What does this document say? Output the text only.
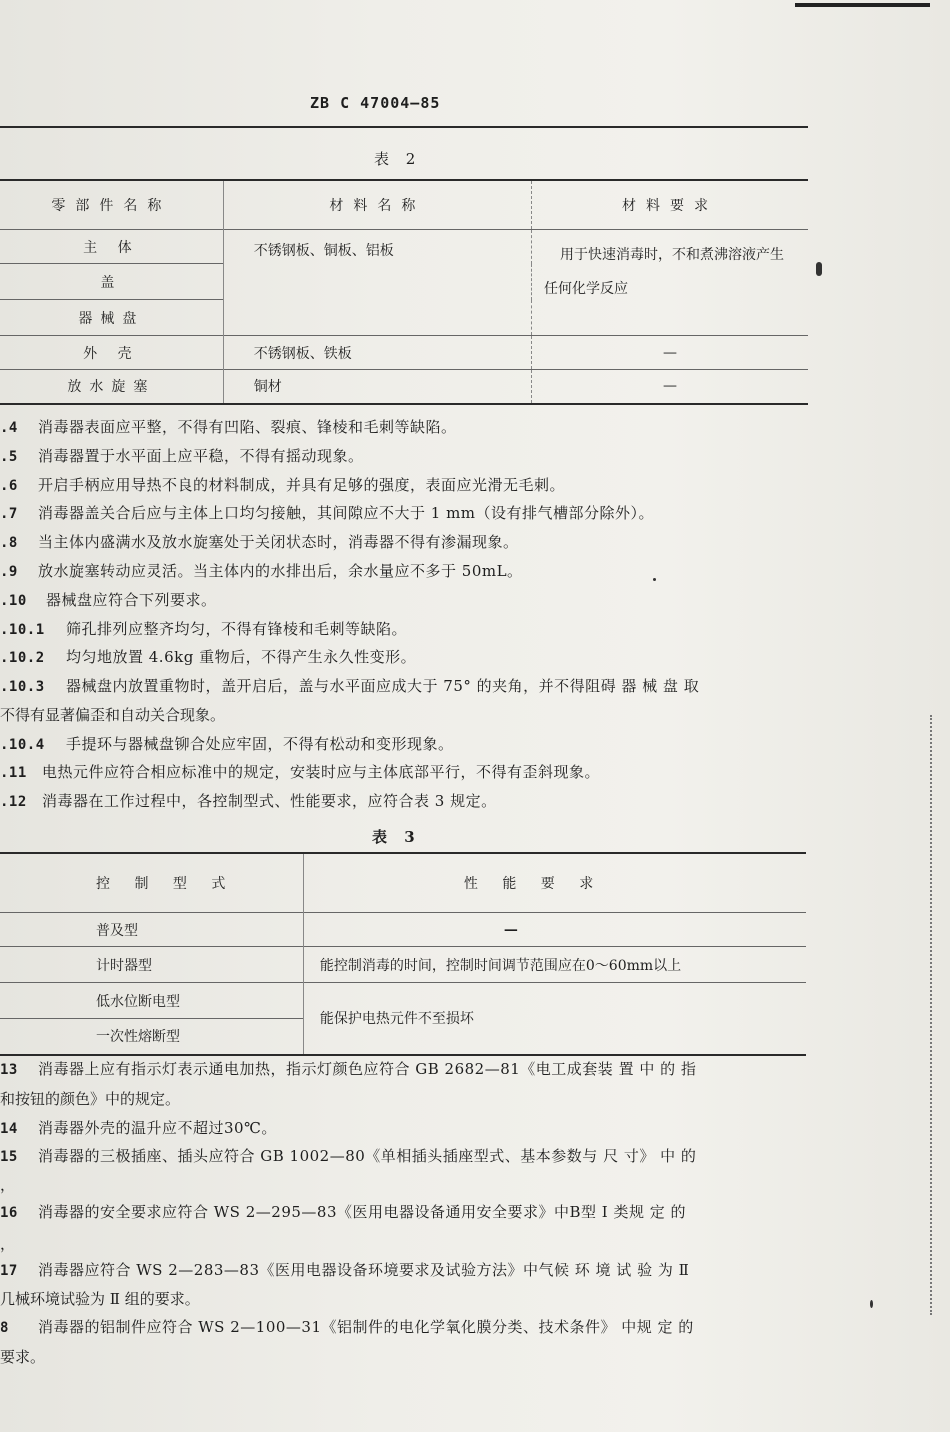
ZB C 47004—85
表 2
零部件名称	材料名称	材料要求
主 体	不锈钢板、铜板、铝板	用于快速消毒时，不和煮沸溶液产生
任何化学反应

盖		
器械盘		
外 壳	不锈钢板、铁板	—
放水旋塞	铜材	—
.4 消毒器表面应平整，不得有凹陷、裂痕、锋棱和毛刺等缺陷。
.5 消毒器置于水平面上应平稳，不得有摇动现象。
.6 开启手柄应用导热不良的材料制成，并具有足够的强度，表面应光滑无毛刺。
.7 消毒器盖关合后应与主体上口均匀接触，其间隙应不大于 1 mm（设有排气槽部分除外）。
.8 当主体内盛满水及放水旋塞处于关闭状态时，消毒器不得有渗漏现象。
.9 放水旋塞转动应灵活。当主体内的水排出后，余水量应不多于 50mL。
.10 器械盘应符合下列要求。
.10.1 筛孔排列应整齐均匀，不得有锋棱和毛刺等缺陷。
.10.2 均匀地放置 4.6kg 重物后，不得产生永久性变形。
.10.3 器械盘内放置重物时，盖开启后，盖与水平面应成大于 75° 的夹角，并不得阻碍 器 械 盘 取
不得有显著偏歪和自动关合现象。
.10.4 手提环与器械盘铆合处应牢固，不得有松动和变形现象。
.11 电热元件应符合相应标准中的规定，安装时应与主体底部平行，不得有歪斜现象。
.12 消毒器在工作过程中，各控制型式、性能要求，应符合表 3 规定。
表 3
控 制 型 式	性 能 要 求
普及型	—
计时器型	能控制消毒的时间，控制时间调节范围应在0～60mm以上
低水位断电型	能保护电热元件不至损坏
一次性熔断型	
13 消毒器上应有指示灯表示通电加热，指示灯颜色应符合 GB 2682—81《电工成套装 置 中 的 指
和按钮的颜色》中的规定。
14 消毒器外壳的温升应不超过30℃。
15 消毒器的三极插座、插头应符合 GB 1002—80《单相插头插座型式、基本参数与 尺 寸》 中 的
，
16 消毒器的安全要求应符合 WS 2—295—83《医用电器设备通用安全要求》中B型 Ⅰ 类规 定 的
，
17 消毒器应符合 WS 2—283—83《医用电器设备环境要求及试验方法》中气候 环 境 试 验 为 Ⅱ
几械环境试验为 Ⅱ 组的要求。
8 消毒器的铝制件应符合 WS 2—100—31《铝制件的电化学氧化膜分类、技术条件》 中规 定 的
要求。
